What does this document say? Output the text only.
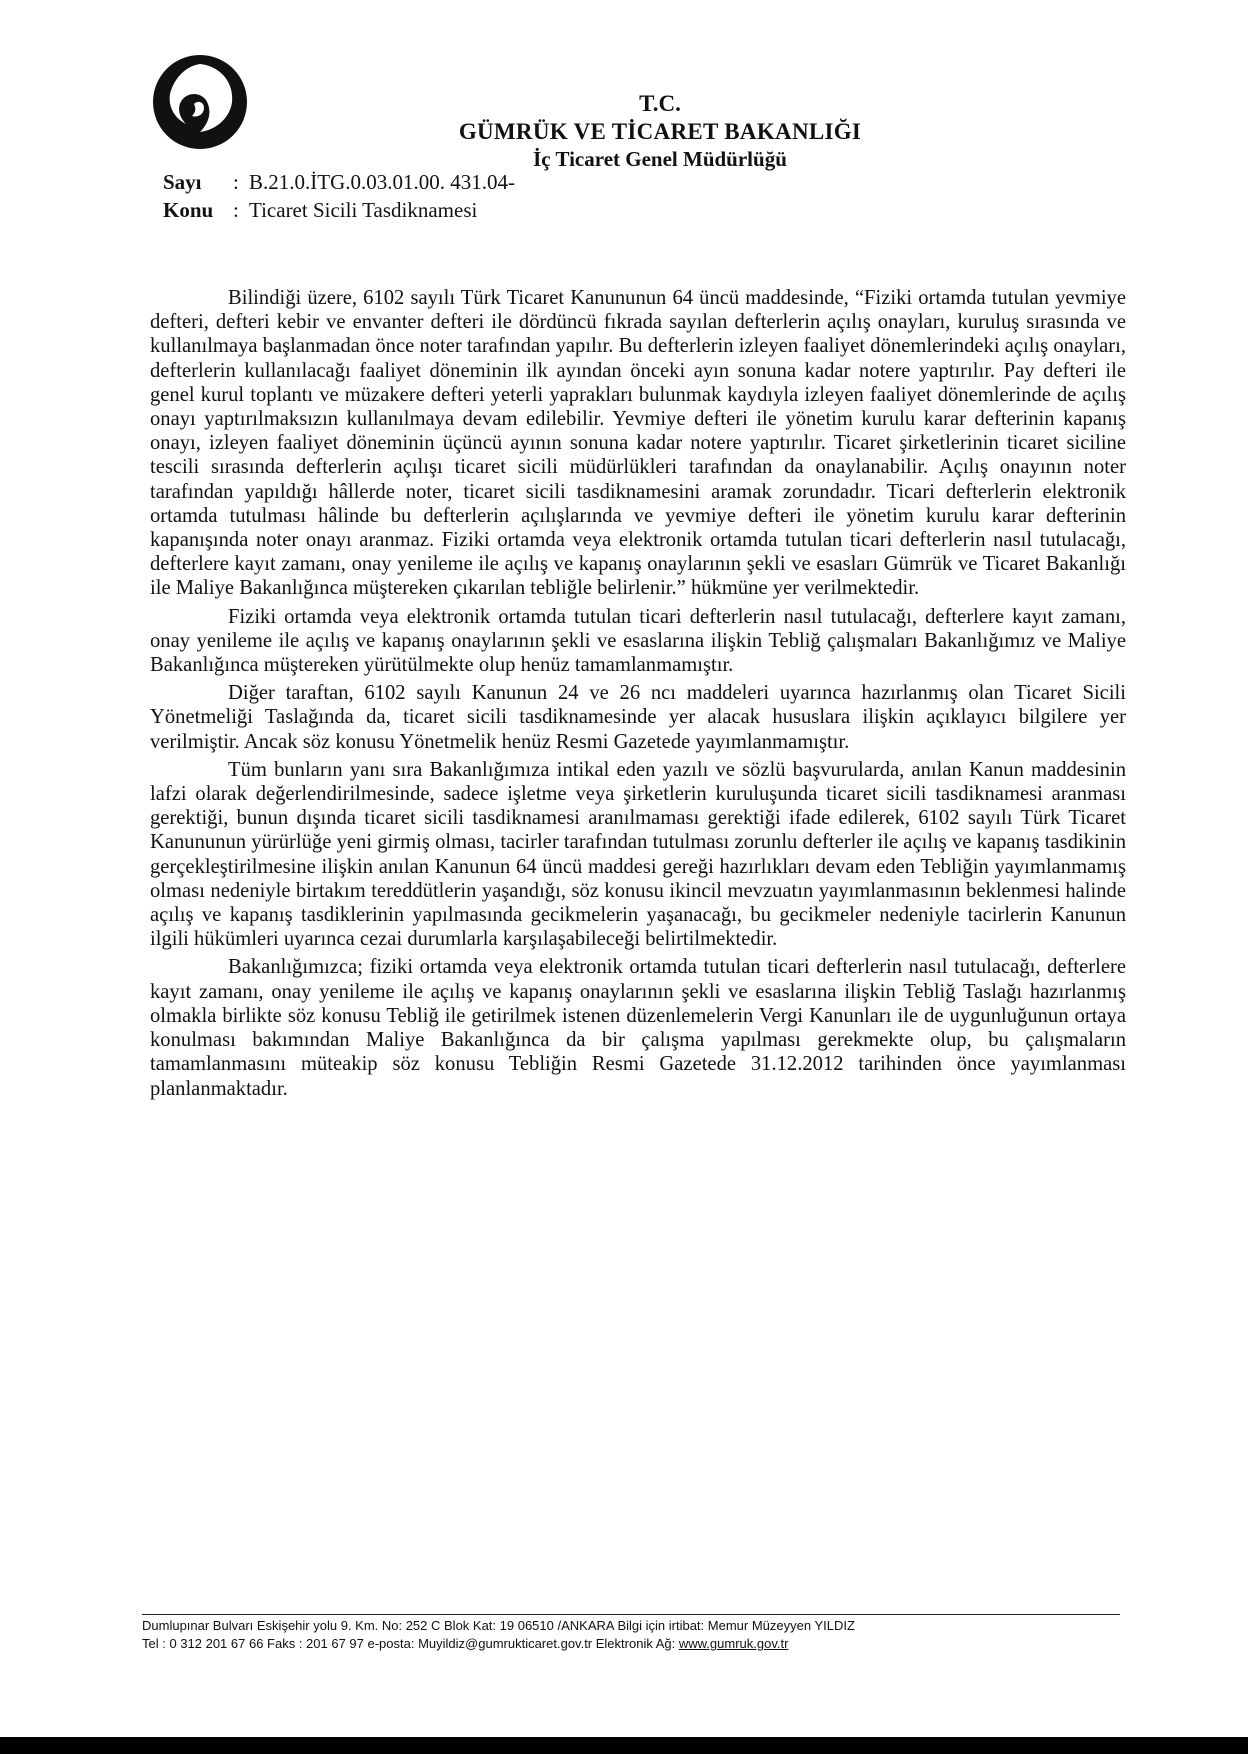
T.C.
GÜMRÜK VE TİCARET BAKANLIĞI
İç Ticaret Genel Müdürlüğü
Sayı	: B.21.0.İTG.0.03.01.00. 431.04-
Konu : Ticaret Sicili Tasdiknamesi

Bilindiği üzere, 6102 sayılı Türk Ticaret Kanununun 64 üncü maddesinde, “Fiziki ortamda tutulan yevmiye defteri, defteri kebir ve envanter defteri ile dördüncü fıkrada sayılan defterlerin açılış onayları, kuruluş sırasında ve kullanılmaya başlanmadan önce noter tarafından yapılır. Bu defterlerin izleyen faaliyet dönemlerindeki açılış onayları, defterlerin kullanılacağı faaliyet döneminin ilk ayından önceki ayın sonuna kadar notere yaptırılır. Pay defteri ile genel kurul toplantı ve müzakere defteri yeterli yaprakları bulunmak kaydıyla izleyen faaliyet dönemlerinde de açılış onayı yaptırılmaksızın kullanılmaya devam edilebilir. Yevmiye defteri ile yönetim kurulu karar defterinin kapanış onayı, izleyen faaliyet döneminin üçüncü ayının sonuna kadar notere yaptırılır. Ticaret şirketlerinin ticaret siciline tescili sırasında defterlerin açılışı ticaret sicili müdürlükleri tarafından da onaylanabilir. Açılış onayının noter tarafından yapıldığı hâllerde noter, ticaret sicili tasdiknamesini aramak zorundadır. Ticari defterlerin elektronik ortamda tutulması hâlinde bu defterlerin açılışlarında ve yevmiye defteri ile yönetim kurulu karar defterinin kapanışında noter onayı aranmaz. Fiziki ortamda veya elektronik ortamda tutulan ticari defterlerin nasıl tutulacağı, defterlere kayıt zamanı, onay yenileme ile açılış ve kapanış onaylarının şekli ve esasları Gümrük ve Ticaret Bakanlığı ile Maliye Bakanlığınca müştereken çıkarılan tebliğle belirlenir.” hükmüne yer verilmektedir.

Fiziki ortamda veya elektronik ortamda tutulan ticari defterlerin nasıl tutulacağı, defterlere kayıt zamanı, onay yenileme ile açılış ve kapanış onaylarının şekli ve esaslarına ilişkin Tebliğ çalışmaları Bakanlığımız ve Maliye Bakanlığınca müştereken yürütülmekte olup henüz tamamlanmamıştır.

Diğer taraftan, 6102 sayılı Kanunun 24 ve 26 ncı maddeleri uyarınca hazırlanmış olan Ticaret Sicili Yönetmeliği Taslağında da, ticaret sicili tasdiknamesinde yer alacak hususlara ilişkin açıklayıcı bilgilere yer verilmiştir. Ancak söz konusu Yönetmelik henüz Resmi Gazetede yayımlanmamıştır.

Tüm bunların yanı sıra Bakanlığımıza intikal eden yazılı ve sözlü başvurularda, anılan Kanun maddesinin lafzi olarak değerlendirilmesinde, sadece işletme veya şirketlerin kuruluşunda ticaret sicili tasdiknamesi aranması gerektiği, bunun dışında ticaret sicili tasdiknamesi aranılmaması gerektiği ifade edilerek, 6102 sayılı Türk Ticaret Kanununun yürürlüğe yeni girmiş olması, tacirler tarafından tutulması zorunlu defterler ile açılış ve kapanış tasdikinin gerçekleştirilmesine ilişkin anılan Kanunun 64 üncü maddesi gereği hazırlıkları devam eden Tebliğin yayımlanmamış olması nedeniyle birtakım tereddütlerin yaşandığı, söz konusu ikincil mevzuatın yayımlanmasının beklenmesi halinde açılış ve kapanış tasdiklerinin yapılmasında gecikmelerin yaşanacağı, bu gecikmeler nedeniyle tacirlerin Kanunun ilgili hükümleri uyarınca cezai durumlarla karşılaşabileceği belirtilmektedir.

Bakanlığımızca; fiziki ortamda veya elektronik ortamda tutulan ticari defterlerin nasıl tutulacağı, defterlere kayıt zamanı, onay yenileme ile açılış ve kapanış onaylarının şekli ve esaslarına ilişkin Tebliğ Taslağı hazırlanmış olmakla birlikte söz konusu Tebliğ ile getirilmek istenen düzenlemelerin Vergi Kanunları ile de uygunluğunun ortaya konulması bakımından Maliye Bakanlığınca da bir çalışma yapılması gerekmekte olup, bu çalışmaların tamamlanmasını müteakip söz konusu Tebliğin Resmi Gazetede 31.12.2012 tarihinden önce yayımlanması planlanmaktadır.

Dumlupınar Bulvarı Eskişehir yolu 9. Km. No: 252 C Blok Kat: 19 06510 /ANKARA Bilgi için irtibat: Memur Müzeyyen YILDIZ
Tel : 0 312 201 67 66 Faks : 201 67 97 e-posta: Muyildiz@gumrukticaret.gov.tr Elektronik Ağ: www.gumruk.gov.tr
